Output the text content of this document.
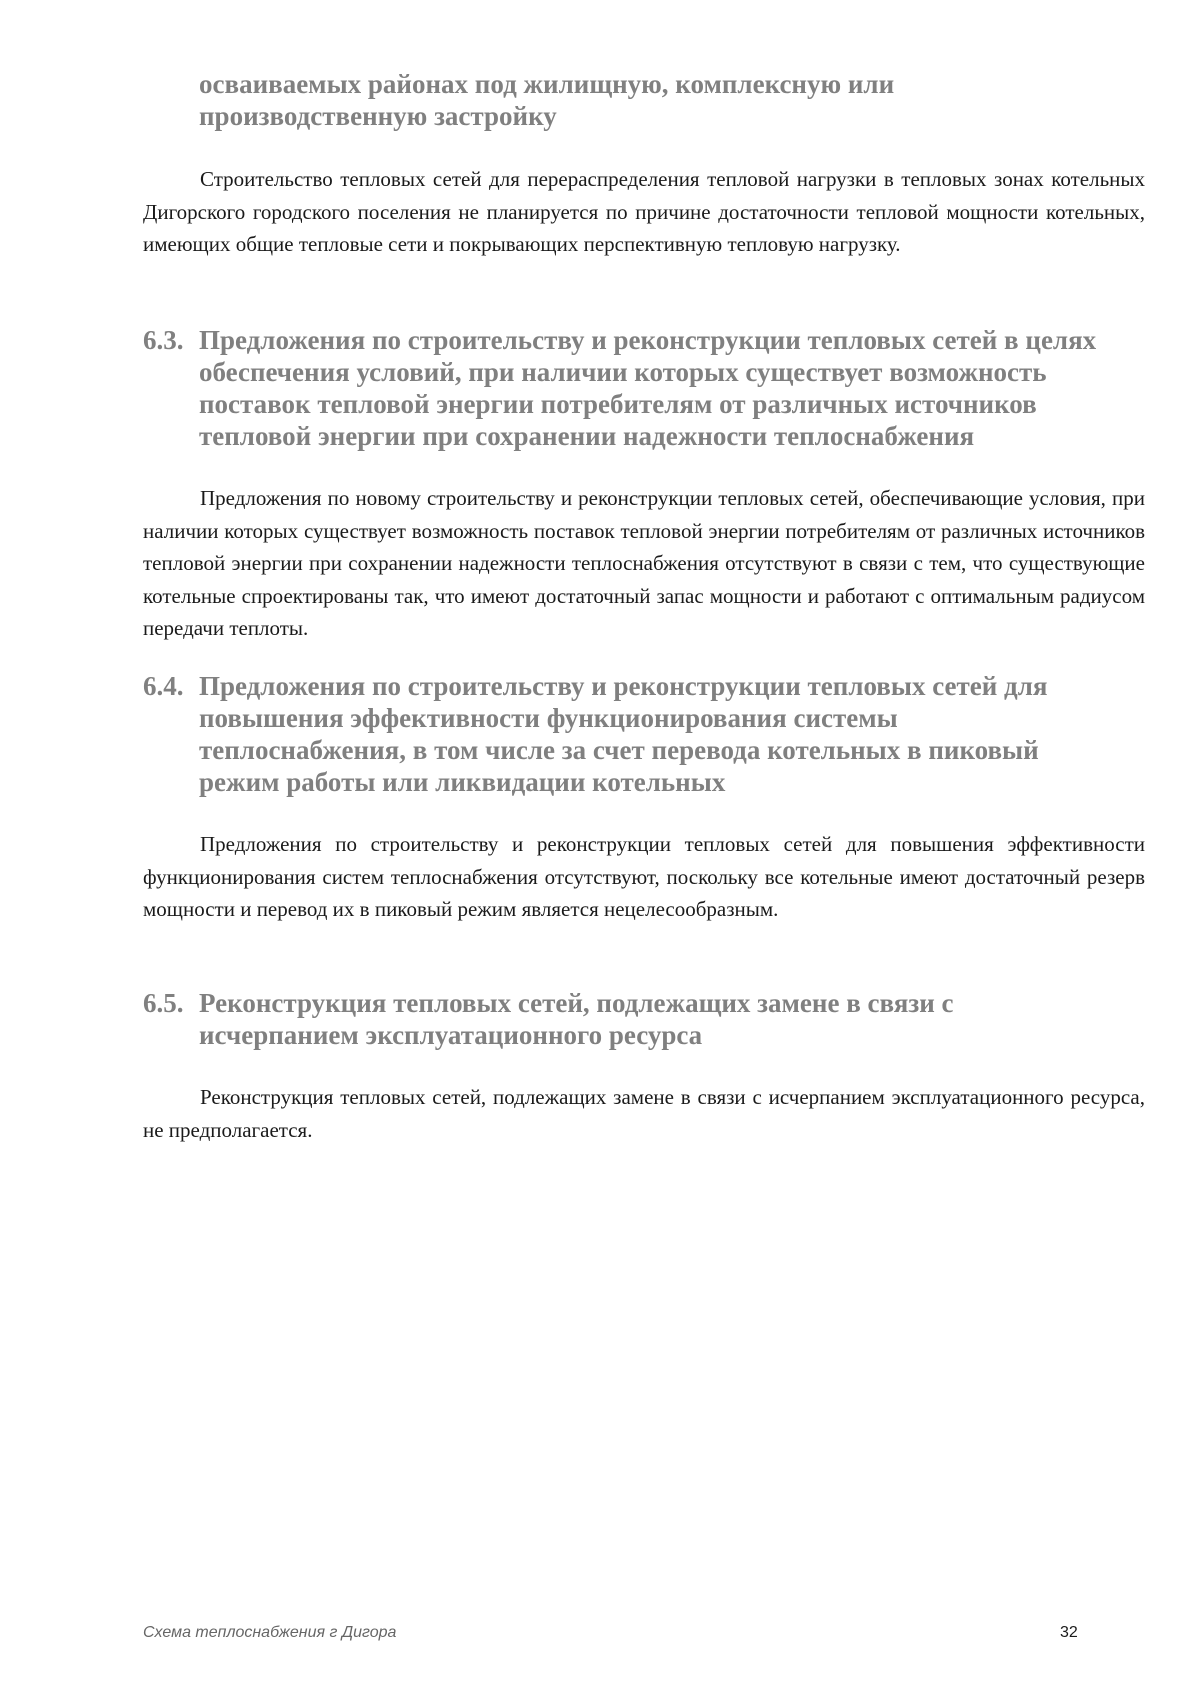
осваиваемых районах под жилищную, комплексную или
производственную застройку

Строительство тепловых сетей для перераспределения тепловой нагрузки в тепловых зонах котельных Дигорского городского поселения не планируется по причине достаточности тепловой мощности котельных, имеющих общие тепловые сети и покрывающих перспективную тепловую нагрузку.

6.3. Предложения по строительству и реконструкции тепловых сетей в целях
обеспечения условий, при наличии которых существует возможность
поставок тепловой энергии потребителям от различных источников
тепловой энергии при сохранении надежности теплоснабжения

Предложения по новому строительству и реконструкции тепловых сетей, обеспечивающие условия, при наличии которых существует возможность поставок тепловой энергии потребителям от различных источников тепловой энергии при сохранении надежности теплоснабжения отсутствуют в связи с тем, что существующие котельные спроектированы так, что имеют достаточный запас мощности и работают с оптимальным радиусом передачи теплоты.

6.4. Предложения по строительству и реконструкции тепловых сетей для
повышения эффективности функционирования системы
теплоснабжения, в том числе за счет перевода котельных в пиковый
режим работы или ликвидации котельных

Предложения по строительству и реконструкции тепловых сетей для повышения эффективности функционирования систем теплоснабжения отсутствуют, поскольку все котельные имеют достаточный резерв мощности и перевод их в пиковый режим является нецелесообразным.

6.5. Реконструкция тепловых сетей, подлежащих замене в связи с
исчерпанием эксплуатационного ресурса

Реконструкция тепловых сетей, подлежащих замене в связи с исчерпанием эксплуатационного ресурса, не предполагается.

Схема теплоснабжения г Дигора	32
